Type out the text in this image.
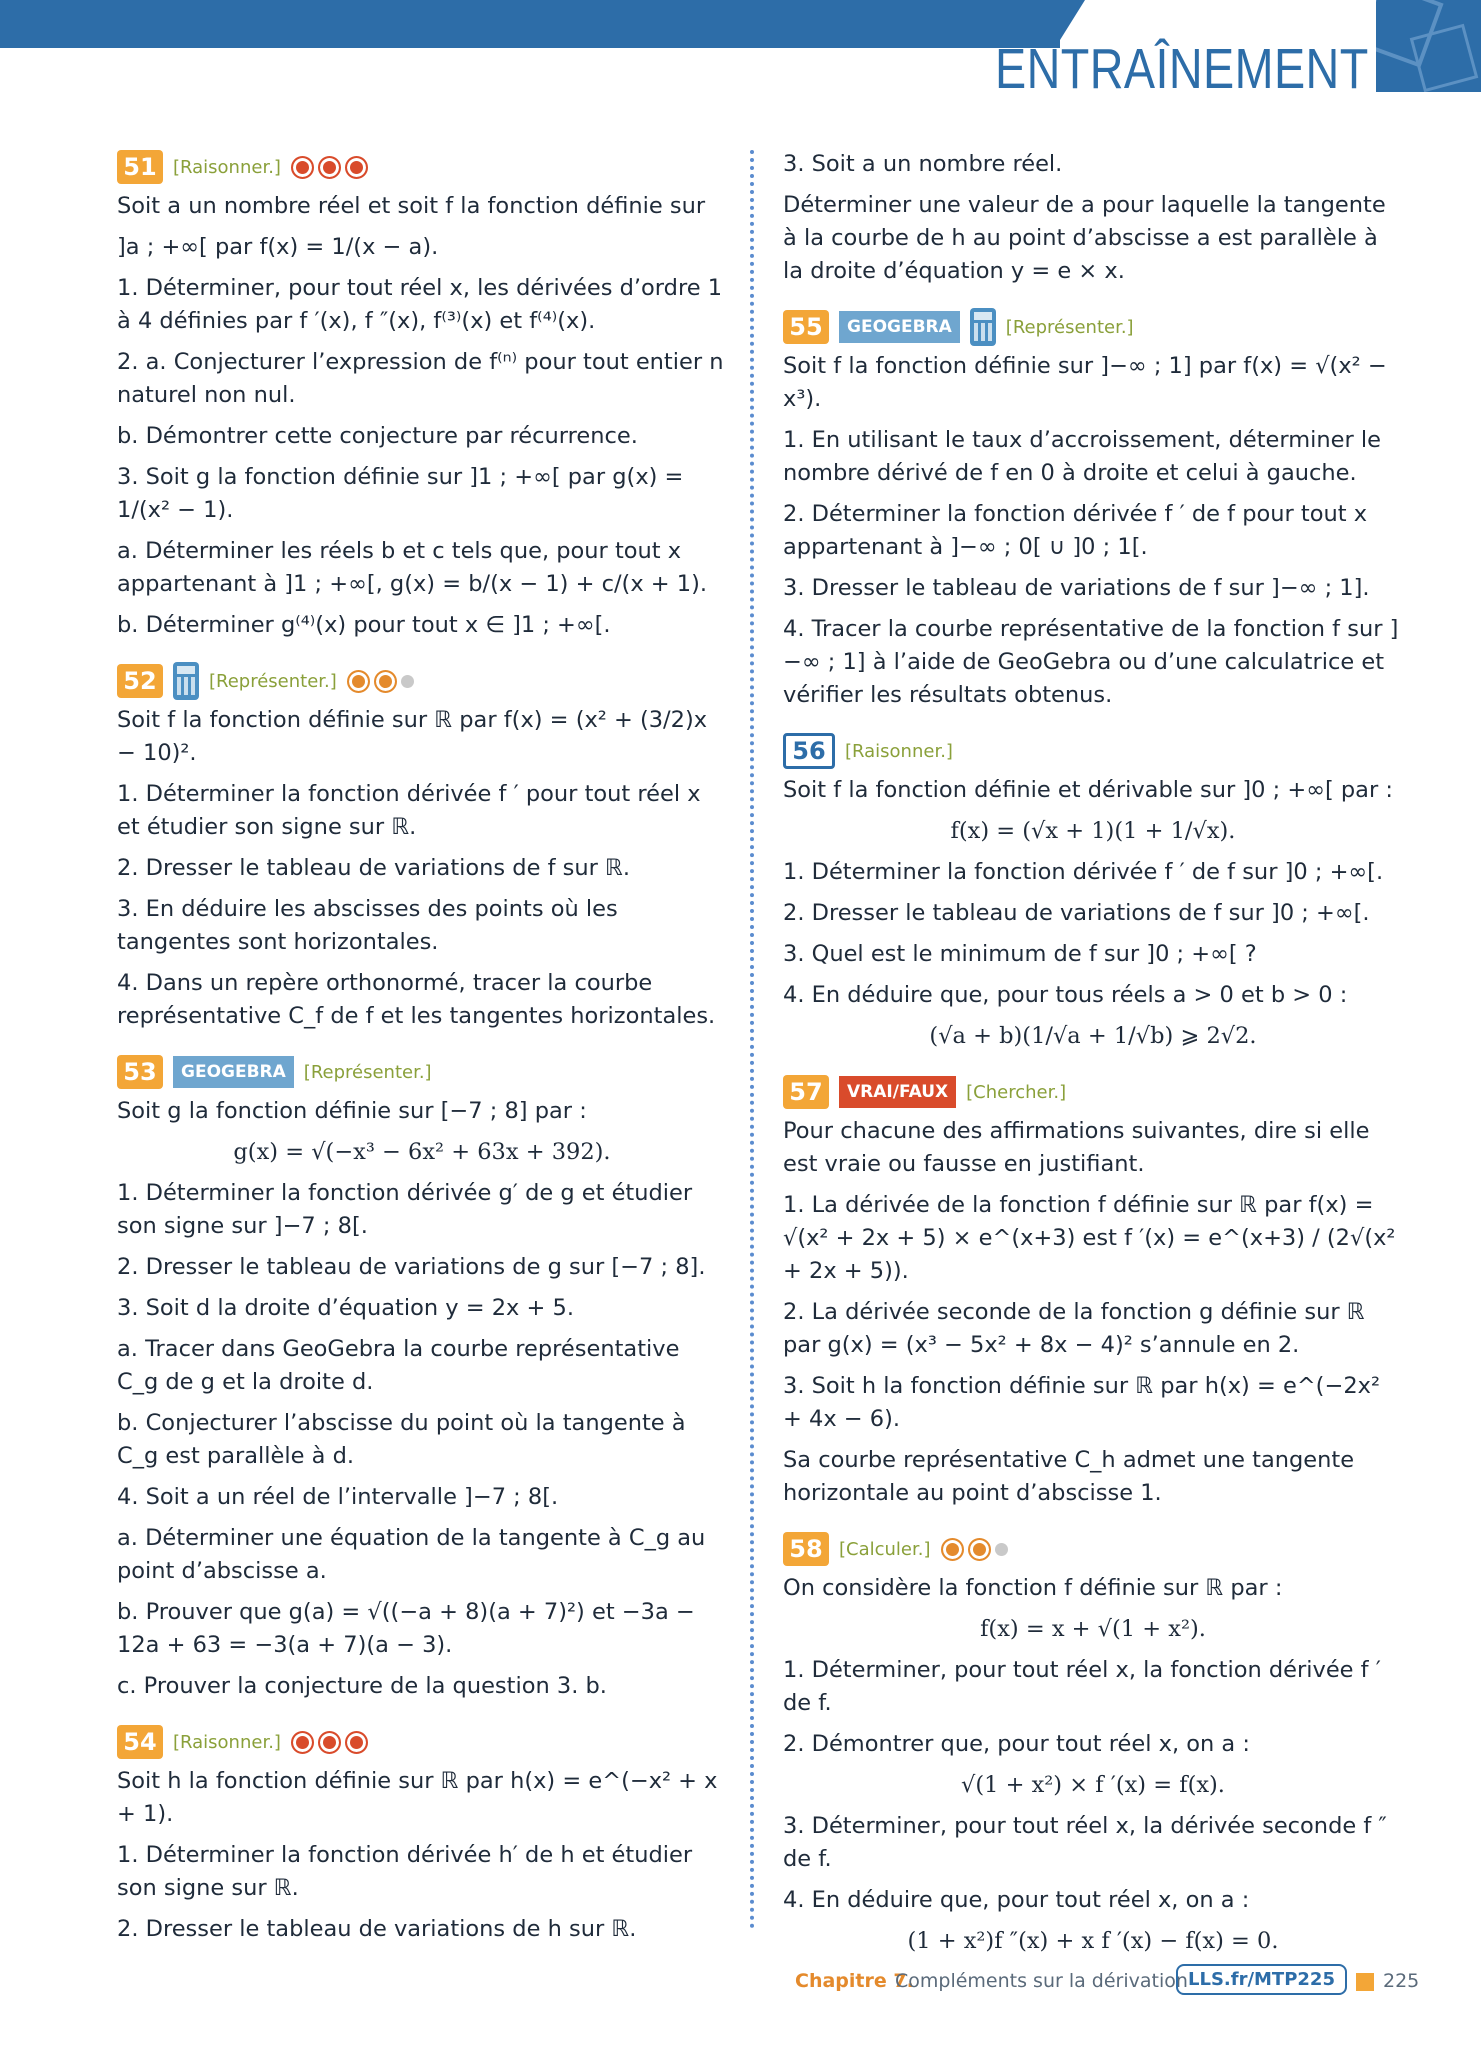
ENTRAÎNEMENT
51 [Raisonner.]
Soit a un nombre réel et soit f la fonction définie sur
]a ; +∞[ par f(x) = 1/(x − a).
1. Déterminer, pour tout réel x, les dérivées d’ordre 1 à 4 définies par f ′(x), f ″(x), f⁽³⁾(x) et f⁽⁴⁾(x).
2. a. Conjecturer l’expression de f⁽ⁿ⁾ pour tout entier n naturel non nul.
b. Démontrer cette conjecture par récurrence.
3. Soit g la fonction définie sur ]1 ; +∞[ par g(x) = 1/(x² − 1).
a. Déterminer les réels b et c tels que, pour tout x appartenant à ]1 ; +∞[, g(x) = b/(x − 1) + c/(x + 1).
b. Déterminer g⁽⁴⁾(x) pour tout x ∈ ]1 ; +∞[.
52	[Représenter.]
Soit f la fonction définie sur ℝ par f(x) = (x² + (3/2)x − 10)².
1. Déterminer la fonction dérivée f ′ pour tout réel x et étudier son signe sur ℝ.
2. Dresser le tableau de variations de f sur ℝ.
3. En déduire les abscisses des points où les tangentes sont horizontales.
4. Dans un repère orthonormé, tracer la courbe représentative C_f de f et les tangentes horizontales.
53	GEOGEBRA	[Représenter.]
Soit g la fonction définie sur [−7 ; 8] par :
g(x) = √(−x³ − 6x² + 63x + 392).
1. Déterminer la fonction dérivée g′ de g et étudier son signe sur ]−7 ; 8[.
2. Dresser le tableau de variations de g sur [−7 ; 8].
3. Soit d la droite d’équation y = 2x + 5.
a. Tracer dans GeoGebra la courbe représentative C_g de g et la droite d.
b. Conjecturer l’abscisse du point où la tangente à C_g est parallèle à d.
4. Soit a un réel de l’intervalle ]−7 ; 8[.
a. Déterminer une équation de la tangente à C_g au point d’abscisse a.
b. Prouver que g(a) = √((−a + 8)(a + 7)²) et −3a − 12a + 63 = −3(a + 7)(a − 3).
c. Prouver la conjecture de la question 3. b.
54 [Raisonner.]
Soit h la fonction définie sur ℝ par h(x) = e^(−x² + x + 1).
1. Déterminer la fonction dérivée h′ de h et étudier son signe sur ℝ.
2. Dresser le tableau de variations de h sur ℝ.
3. Soit a un nombre réel.
Déterminer une valeur de a pour laquelle la tangente à la courbe de h au point d’abscisse a est parallèle à la droite d’équation y = e × x.
55	GEOGEBRA	[Représenter.]
Soit f la fonction définie sur ]−∞ ; 1] par f(x) = √(x² − x³).
1. En utilisant le taux d’accroissement, déterminer le nombre dérivé de f en 0 à droite et celui à gauche.
2. Déterminer la fonction dérivée f ′ de f pour tout x appartenant à ]−∞ ; 0[ ∪ ]0 ; 1[.
3. Dresser le tableau de variations de f sur ]−∞ ; 1].
4. Tracer la courbe représentative de la fonction f sur ]−∞ ; 1] à l’aide de GeoGebra ou d’une calculatrice et vérifier les résultats obtenus.
56	[Raisonner.]
Soit f la fonction définie et dérivable sur ]0 ; +∞[ par :
f(x) = (√x + 1)(1 + 1/√x).
1. Déterminer la fonction dérivée f ′ de f sur ]0 ; +∞[.
2. Dresser le tableau de variations de f sur ]0 ; +∞[.
3. Quel est le minimum de f sur ]0 ; +∞[ ?
4. En déduire que, pour tous réels a > 0 et b > 0 :
(√a + b)(1/√a + 1/√b) ⩾ 2√2.
57	VRAI/FAUX	[Chercher.]
Pour chacune des affirmations suivantes, dire si elle est vraie ou fausse en justifiant.
1. La dérivée de la fonction f définie sur ℝ par f(x) = √(x² + 2x + 5) × e^(x+3) est f ′(x) = e^(x+3) / (2√(x² + 2x + 5)).
2. La dérivée seconde de la fonction g définie sur ℝ par g(x) = (x³ − 5x² + 8x − 4)² s’annule en 2.
3. Soit h la fonction définie sur ℝ par h(x) = e^(−2x² + 4x − 6).
Sa courbe représentative C_h admet une tangente horizontale au point d’abscisse 1.
58 [Calculer.]
On considère la fonction f définie sur ℝ par :
f(x) = x + √(1 + x²).
1. Déterminer, pour tout réel x, la fonction dérivée f ′ de f.
2. Démontrer que, pour tout réel x, on a :
√(1 + x²) × f ′(x) = f(x).
3. Déterminer, pour tout réel x, la dérivée seconde f ″ de f.
4. En déduire que, pour tout réel x, on a :
(1 + x²)f ″(x) + x f ′(x) − f(x) = 0.
Chapitre 7.
Compléments sur la dérivation LLS.fr/MTP225	225
